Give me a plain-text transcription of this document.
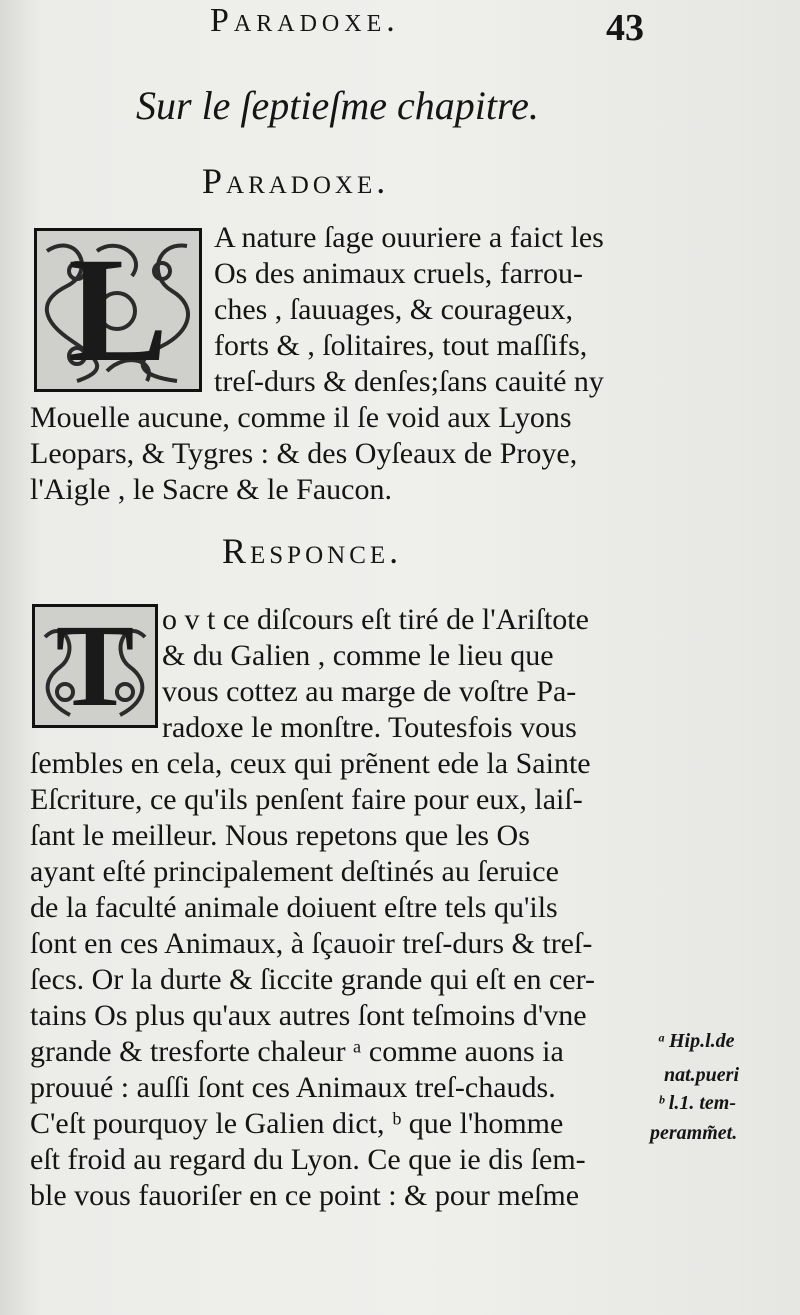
Paradoxe.	43
Sur le ſeptieſme chapitre.
Paradoxe.
L	A nature ſage ouuriere a faict les
Os des animaux cruels, farrou-
ches , ſauuages, & courageux,
forts & , ſolitaires, tout maſſifs,
treſ-durs & denſes;ſans cauité ny
Mouelle aucune, comme il ſe void aux Lyons
Leopars, & Tygres : & des Oyſeaux de Proye,
l'Aigle , le Sacre & le Faucon.
Responce.
T o v t ce diſcours eſt tiré de l'Ariſtote
& du Galien , comme le lieu que
vous cottez au marge de voſtre Pa-
radoxe le monſtre. Toutesfois vous
ſembles en cela, ceux qui prẽnent ede la Sainte
Eſcriture, ce qu'ils penſent faire pour eux, laiſ-
ſant le meilleur. Nous repetons que les Os
ayant eſté principalement deſtinés au ſeruice
de la faculté animale doiuent eſtre tels qu'ils
ſont en ces Animaux, à ſçauoir treſ-durs & treſ-
ſecs. Or la durte & ſiccite grande qui eſt en cer-
tains Os plus qu'aux autres ſont teſmoins d'vne
grande & tresforte chaleur ᵃ comme auons ia
prouué : auſſi ſont ces Animaux treſ-chauds.
C'eſt pourquoy le Galien dict, ᵇ que l'homme
eſt froid au regard du Lyon. Ce que ie dis ſem-
ble vous fauoriſer en ce point : & pour meſme
ᵃ Hip.l.de
nat.pueri
ᵇ l.1. tem-
peramm̃et.
